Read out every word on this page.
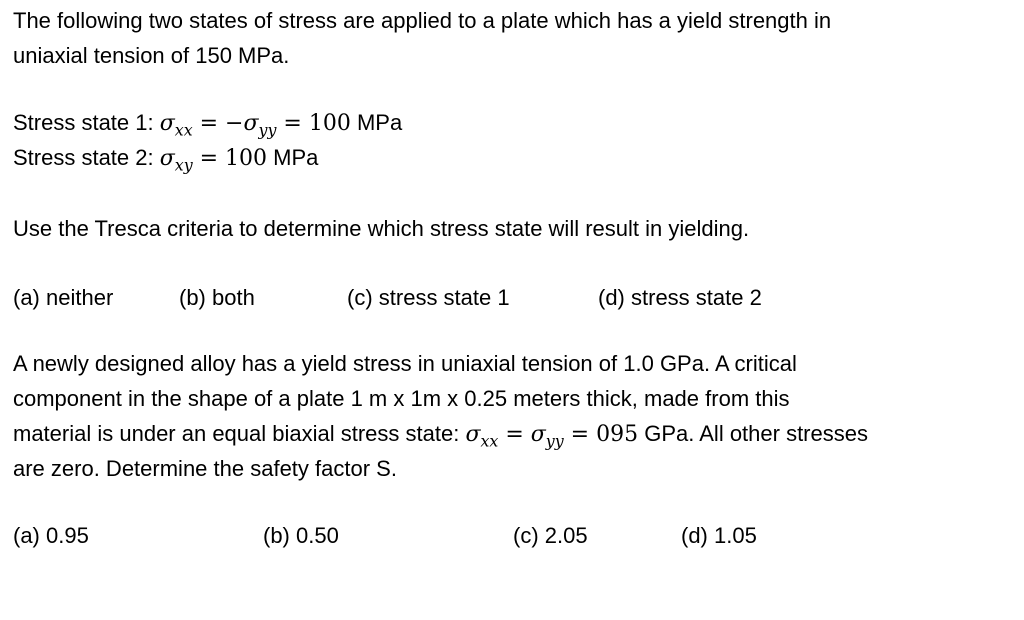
The following two states of stress are applied to a plate which has a yield strength in
uniaxial tension of 150 MPa.
Stress state 1: $\sigma_{xx} = -\sigma_{yy} = 100$ MPa
Stress state 2: $\sigma_{xy} = 100$ MPa
Use the Tresca criteria to determine which stress state will result in yielding.
(a) neither	(b) both	(c) stress state 1	(d) stress state 2
A newly designed alloy has a yield stress in uniaxial tension of 1.0 GPa. A critical
component in the shape of a plate 1 m x 1m x 0.25 meters thick, made from this
material is under an equal biaxial stress state: $\sigma_{xx} = \sigma_{yy} = 095$ GPa. All other stresses
are zero. Determine the safety factor S.
(a) 0.95	(b) 0.50	(c) 2.05	(d) 1.05
